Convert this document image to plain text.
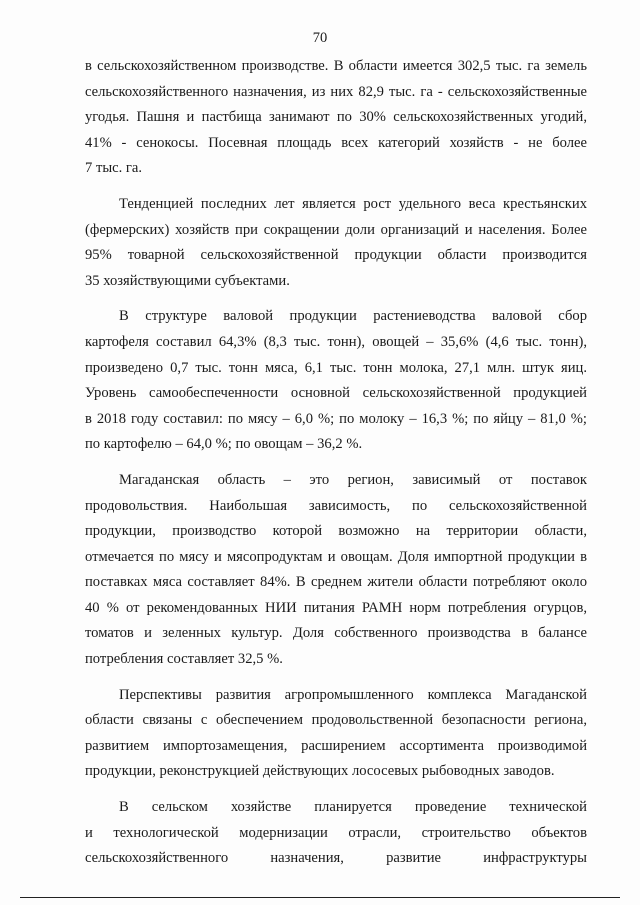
70

в сельскохозяйственном производстве. В области имеется 302,5 тыс. га земель
сельскохозяйственного назначения, из них 82,9 тыс. га - сельскохозяйственные
угодья. Пашня и пастбища занимают по 30% сельскохозяйственных угодий,
41% - сенокосы. Посевная площадь всех категорий хозяйств - не более
7 тыс. га.

Тенденцией последних лет является рост удельного веса крестьянских
(фермерских) хозяйств при сокращении доли организаций и населения. Более
95% товарной сельскохозяйственной продукции области производится
35 хозяйствующими субъектами.

В структуре валовой продукции растениеводства валовой сбор
картофеля составил 64,3% (8,3 тыс. тонн), овощей – 35,6% (4,6 тыс. тонн),
произведено 0,7 тыс. тонн мяса, 6,1 тыс. тонн молока, 27,1 млн. штук яиц.
Уровень самообеспеченности основной сельскохозяйственной продукцией
в 2018 году составил: по мясу – 6,0 %; по молоку – 16,3 %; по яйцу – 81,0 %;
по картофелю – 64,0 %; по овощам – 36,2 %.

Магаданская область – это регион, зависимый от поставок
продовольствия. Наибольшая зависимость, по сельскохозяйственной
продукции, производство которой возможно на территории области,
отмечается по мясу и мясопродуктам и овощам. Доля импортной продукции в
поставках мяса составляет 84%. В среднем жители области потребляют около
40 % от рекомендованных НИИ питания РАМН норм потребления огурцов,
томатов и зеленных культур. Доля собственного производства в балансе
потребления составляет 32,5 %.

Перспективы развития агропромышленного комплекса Магаданской
области связаны с обеспечением продовольственной безопасности региона,
развитием импортозамещения, расширением ассортимента производимой
продукции, реконструкцией действующих лососевых рыбоводных заводов.

В сельском хозяйстве планируется проведение технической
и технологической модернизации отрасли, строительство объектов
сельскохозяйственного назначения, развитие инфраструктуры
